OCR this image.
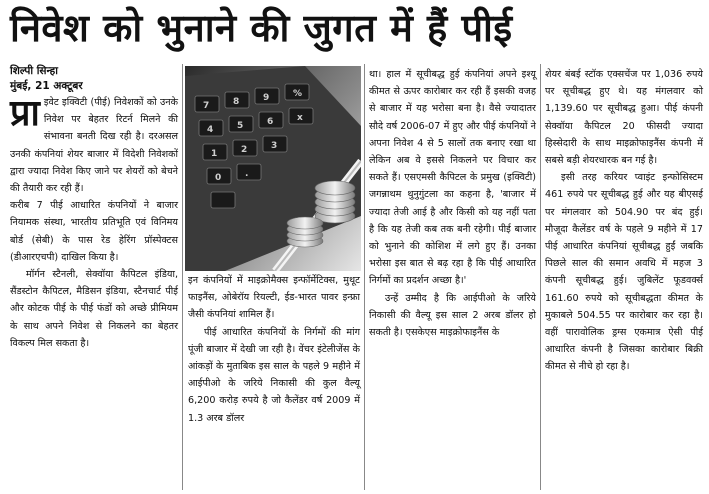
निवेश को भुनाने की जुगत में हैं पीई

शिल्पी सिन्हा

मुंबई, 21 अक्टूबर

प्रा इवेट इक्विटी (पीई) निवेशकों को उनके निवेश पर बेहतर रिटर्न मिलने की संभावना बनती दिख रही है। दरअसल उनकी कंपनियां शेयर बाजार में विदेशी निवेशकों द्वारा ज्यादा निवेश किए जाने पर शेयरों को बेचने की तैयारी कर रही हैं।

करीब 7 पीई आधारित कंपनियों ने बाजार नियामक संस्था, भारतीय प्रतिभूति एवं विनिमय बोर्ड (सेबी) के पास रेड हेरिंग प्रॉस्पेक्टस (डीआरएचपी) दाखिल किया है।

मॉर्गन स्टैनली, सेक्वॉया कैपिटल इंडिया, सैंडस्टोन कैपिटल, मैडिसन इंडिया, स्टैनचार्ट पीई और कोटक पीई के पीई फंडों को अच्छे प्रीमियम के साथ अपने निवेश से निकलने का बेहतर विकल्प मिल सकता है।

7	8	9	%
4	5	6	x
1	2	3
0	.

इन कंपनियों में माइक्रोमैक्स इन्फॉर्मेटिक्स, मुथूट फाइनैंस, ओबेरॉय रियल्टी, ईड-भारत पावर इन्फ्रा जैसी कंपनियां शामिल हैं।

पीई आधारित कंपनियों के निर्गमों की मांग पूंजी बाजार में देखी जा रही है। वेंचर इंटेलीजेंस के आंकड़ों के मुताबिक इस साल के पहले 9 महीने में आईपीओ के जरिये निकासी की कुल वैल्यू 6,200 करोड़ रुपये है जो कैलेंडर वर्ष 2009 में 1.3 अरब डॉलर

था। हाल में सूचीबद्ध हुई कंपनियां अपने इश्यू कीमत से ऊपर कारोबार कर रही हैं इसकी वजह से बाजार में यह भरोसा बना है। वैसे ज्यादातर सौदे वर्ष 2006-07 में हुए और पीई कंपनियों ने अपना निवेश 4 से 5 सालों तक बनाए रखा था लेकिन अब वे इससे निकलने पर विचार कर सकते हैं। एसएमसी कैपिटल के प्रमुख (इक्विटी) जगन्नाथम थुनुगुंटला का कहना है, 'बाजार में ज्यादा तेजी आई है और किसी को यह नहीं पता है कि यह तेजी कब तक बनी रहेगी। पीई बाजार को भुनाने की कोशिश में लगे हुए हैं। उनका भरोसा इस बात से बढ़ रहा है कि पीई आधारित निर्गमों का प्रदर्शन अच्छा है।'

उन्हें उम्मीद है कि आईपीओ के जरिये निकासी की वैल्यू इस साल 2 अरब डॉलर हो सकती है। एसकेएस माइक्रोफाइनैंस के

शेयर बंबई स्टॉक एक्सचेंज पर 1,036 रुपये पर सूचीबद्ध हुए थे। यह मंगलवार को 1,139.60 पर सूचीबद्ध हुआ। पीई कंपनी सेक्वॉया कैपिटल 20 फीसदी ज्यादा हिस्सेदारी के साथ माइक्रोफाइनैंस कंपनी में सबसे बड़ी शेयरधारक बन गई है।

इसी तरह करियर प्वाइंट इन्फोसिस्टम 461 रुपये पर सूचीबद्ध हुई और यह बीएसई पर मंगलवार को 504.90 पर बंद हुई। मौजूदा कैलेंडर वर्ष के पहले 9 महीने में 17 पीई आधारित कंपनियां सूचीबद्ध हुईं जबकि पिछले साल की समान अवधि में महज 3 कंपनी सूचीबद्ध हुई। जुबिलेंट फूडवर्क्स 161.60 रुपये को सूचीबद्धता कीमत के मुकाबले 504.55 पर कारोबार कर रहा है। वहीं पारावोलिक ड्रग्स एकमात्र ऐसी पीई आधारित कंपनी है जिसका कारोबार बिक्री कीमत से नीचे हो रहा है।
